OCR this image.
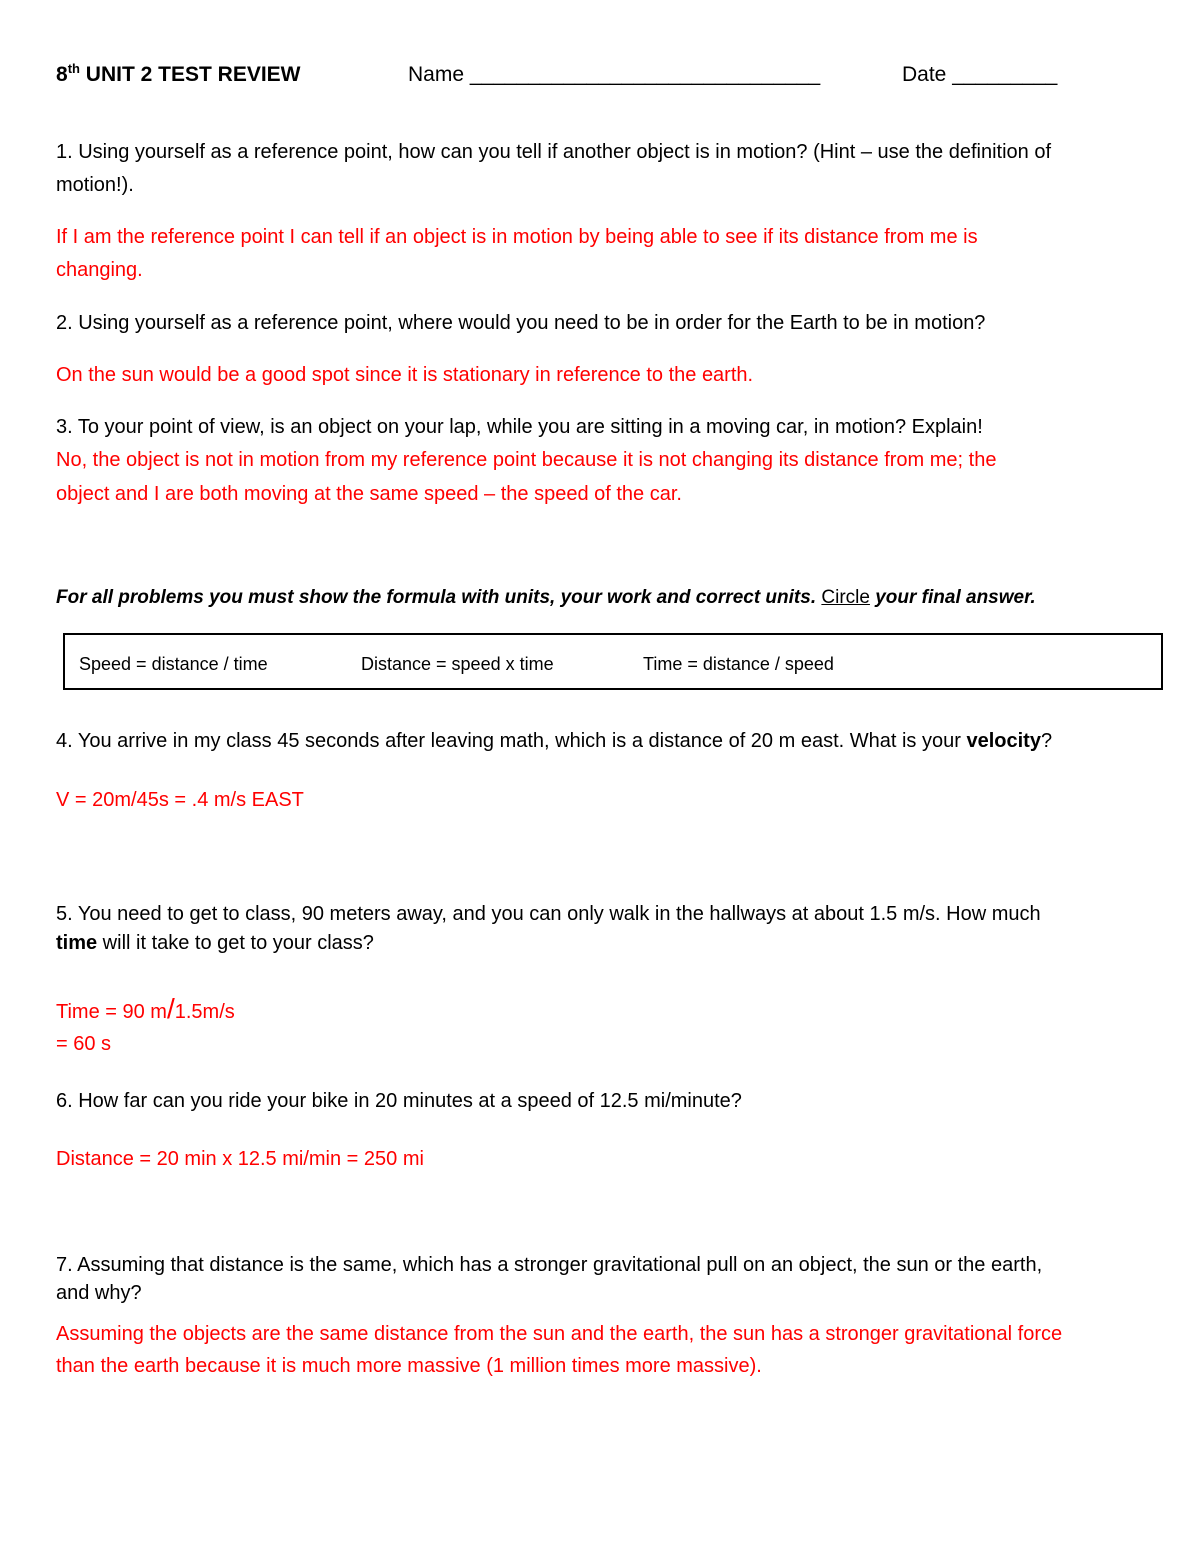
8th UNIT 2 TEST REVIEW	Name ______________________________	Date _________
1. Using yourself as a reference point, how can you tell if another object is in motion? (Hint – use the definition of
motion!).
If I am the reference point I can tell if an object is in motion by being able to see if its distance from me is
changing.
2. Using yourself as a reference point, where would you need to be in order for the Earth to be in motion?
On the sun would be a good spot since it is stationary in reference to the earth.
3. To your point of view, is an object on your lap, while you are sitting in a moving car, in motion? Explain!
No, the object is not in motion from my reference point because it is not changing its distance from me; the
object and I are both moving at the same speed – the speed of the car.
For all problems you must show the formula with units, your work and correct units. Circle your final answer.
Speed = distance / time	Distance = speed x time	Time = distance / speed
4. You arrive in my class 45 seconds after leaving math, which is a distance of 20 m east. What is your velocity?
V = 20m/45s = .4 m/s EAST
5. You need to get to class, 90 meters away, and you can only walk in the hallways at about 1.5 m/s. How much
time will it take to get to your class?
Time = 90 m/1.5m/s
= 60 s
6. How far can you ride your bike in 20 minutes at a speed of 12.5 mi/minute?
Distance = 20 min x 12.5 mi/min = 250 mi
7. Assuming that distance is the same, which has a stronger gravitational pull on an object, the sun or the earth,
and why?
Assuming the objects are the same distance from the sun and the earth, the sun has a stronger gravitational force
than the earth because it is much more massive (1 million times more massive).
